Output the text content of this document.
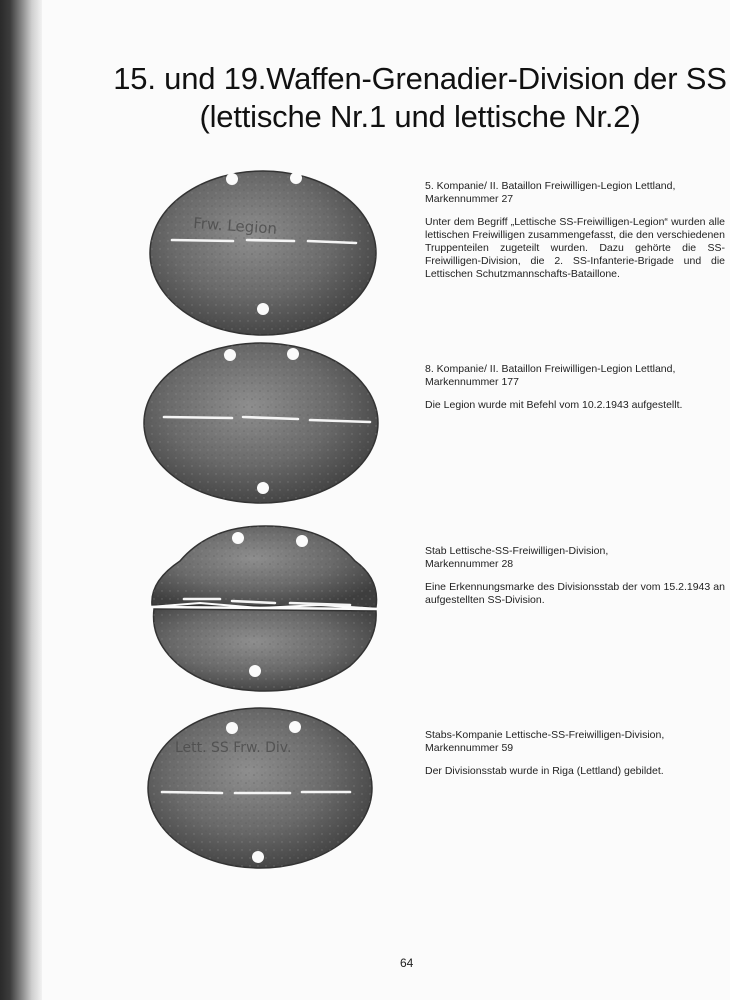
15. und 19.Waffen-Grenadier-Division der SS
(lettische Nr.1 und lettische Nr.2)
Frw. Legion
Lett. SS Frw. Div.

5. Kompanie/ II. Bataillon Freiwilligen-Legion Lettland,
Markennummer 27

Unter dem Begriff „Lettische SS-Freiwilligen-Legion“ wurden alle lettischen Freiwilligen zusammengefasst, die den verschiedenen Truppenteilen zugeteilt wurden. Dazu gehörte die SS-Freiwilligen-Division, die 2. SS-Infanterie-Brigade und die Lettischen Schutzmannschafts-Bataillone.

8. Kompanie/ II. Bataillon Freiwilligen-Legion Lettland,
Markennummer 177

Die Legion wurde mit Befehl vom 10.2.1943 aufgestellt.

Stab Lettische-SS-Freiwilligen-Division,
Markennummer 28

Eine Erkennungsmarke des Divisionsstab der vom 15.2.1943 an aufgestellten SS-Division.

Stabs-Kompanie Lettische-SS-Freiwilligen-Division,
Markennummer 59

Der Divisionsstab wurde in Riga (Lettland) gebildet.

64
